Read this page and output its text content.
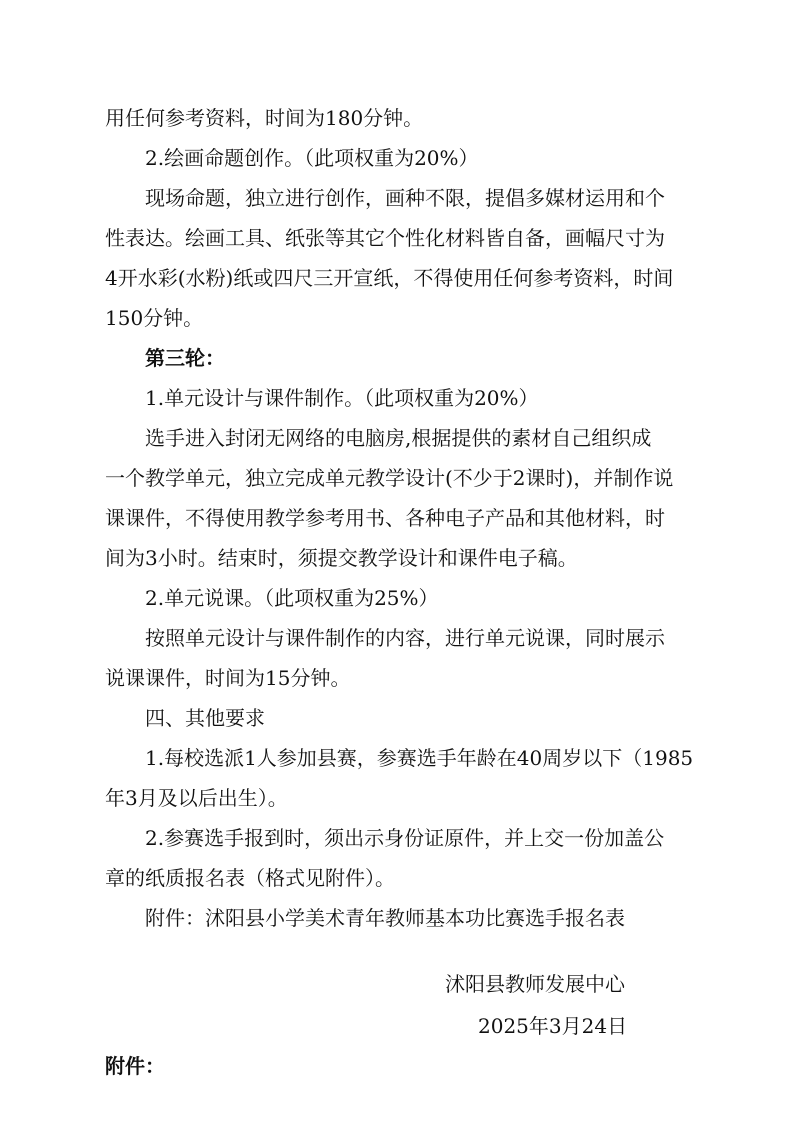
用任何参考资料，时间为180分钟。
2.绘画命题创作。（此项权重为20%）
现场命题，独立进行创作，画种不限，提倡多媒材运用和个
性表达。绘画工具、纸张等其它个性化材料皆自备，画幅尺寸为
4开水彩(水粉)纸或四尺三开宣纸，不得使用任何参考资料，时间
150分钟。
第三轮：
1.单元设计与课件制作。（此项权重为20%）
选手进入封闭无网络的电脑房,根据提供的素材自己组织成
一个教学单元，独立完成单元教学设计(不少于2课时)，并制作说
课课件，不得使用教学参考用书、各种电子产品和其他材料，时
间为3小时。结束时，须提交教学设计和课件电子稿。
2.单元说课。（此项权重为25%）
按照单元设计与课件制作的内容，进行单元说课，同时展示
说课课件，时间为15分钟。
四、其他要求
1.每校选派1人参加县赛，参赛选手年龄在40周岁以下（1985
年3月及以后出生）。
2.参赛选手报到时，须出示身份证原件，并上交一份加盖公
章的纸质报名表（格式见附件）。
附件：沭阳县小学美术青年教师基本功比赛选手报名表
沭阳县教师发展中心
2025年3月24日
附件：
